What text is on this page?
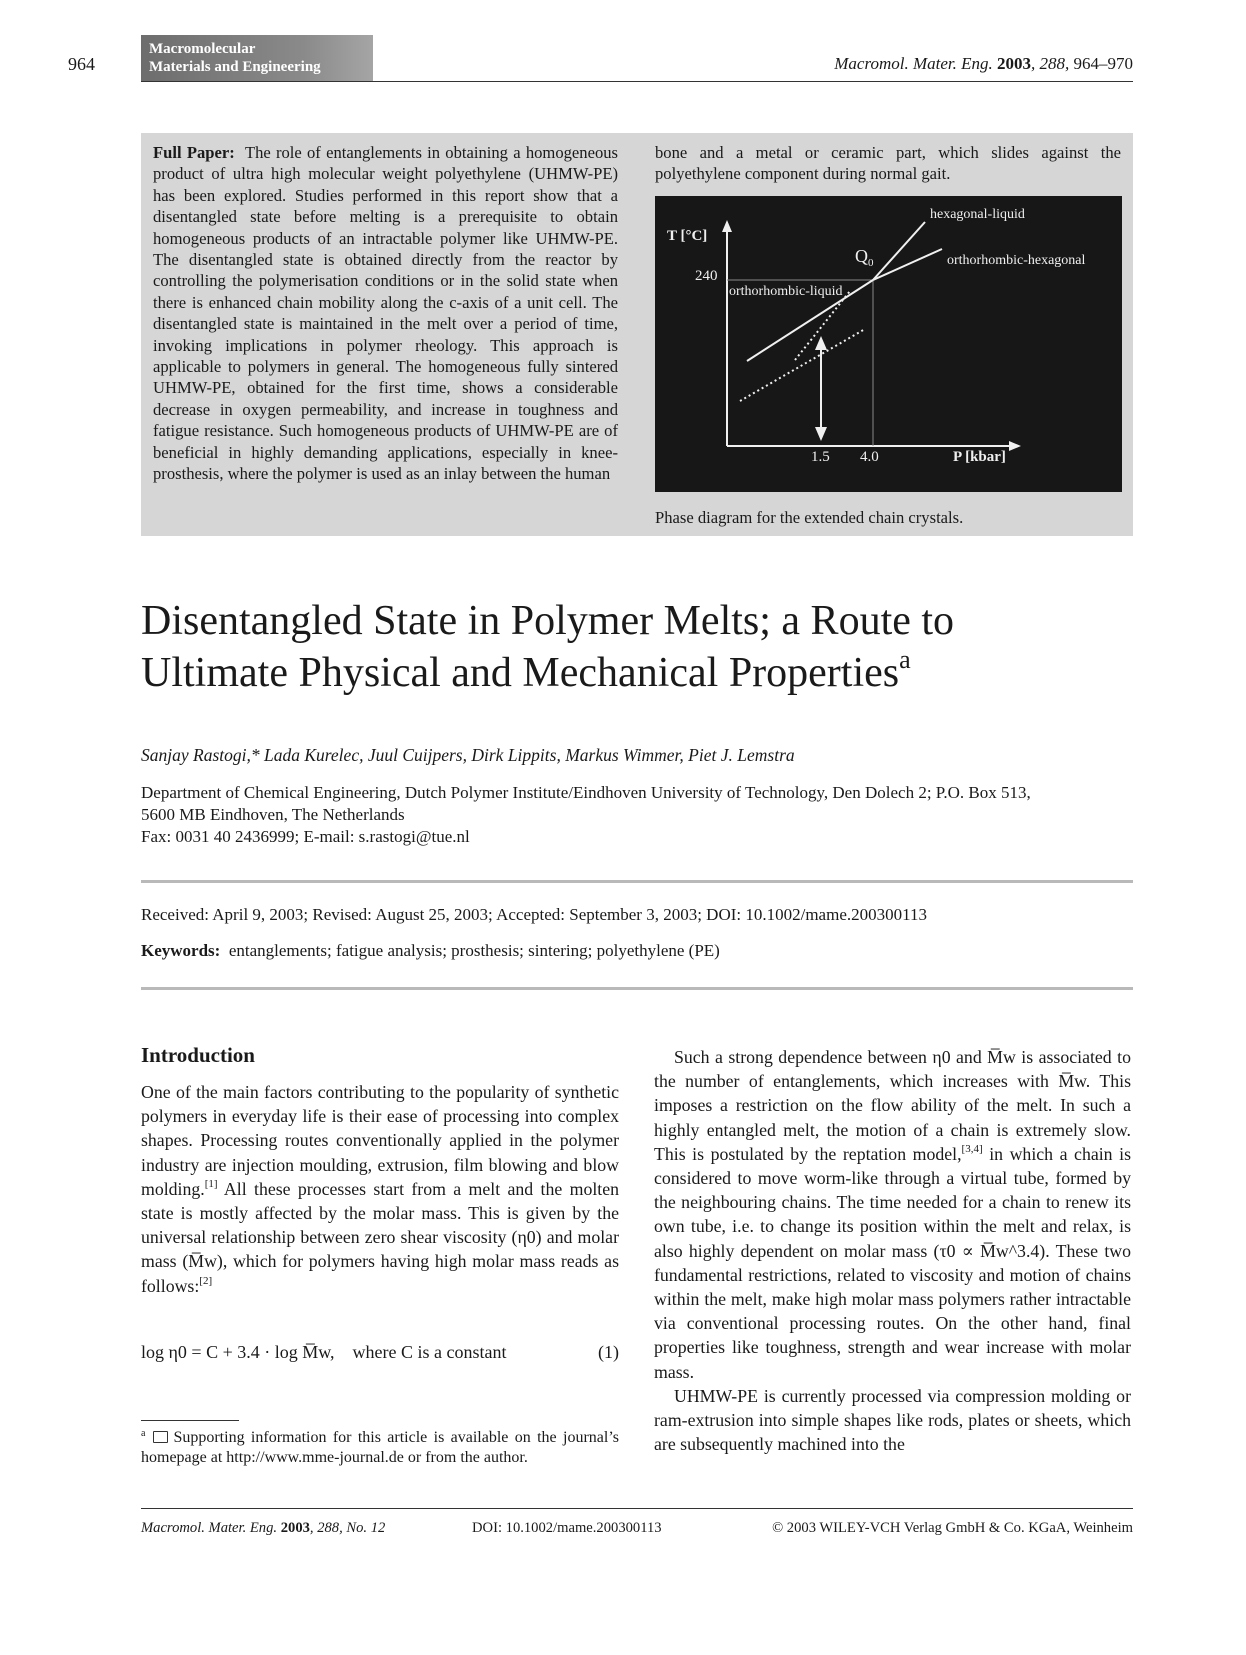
964
Macromolecular
Materials and Engineering	Macromol. Mater. Eng. 2003, 288, 964–970
Full Paper: The role of entanglements in obtaining a homogeneous product of ultra high molecular weight polyethylene (UHMW-PE) has been explored. Studies performed in this report show that a disentangled state before melting is a prerequisite to obtain homogeneous products of an intractable polymer like UHMW-PE. The disentangled state is obtained directly from the reactor by controlling the polymerisation conditions or in the solid state when there is enhanced chain mobility along the c-axis of a unit cell. The disentangled state is maintained in the melt over a period of time, invoking implications in polymer rheology. This approach is applicable to polymers in general. The homogeneous fully sintered UHMW-PE, obtained for the first time, shows a considerable decrease in oxygen permeability, and increase in toughness and fatigue resistance. Such homogeneous products of UHMW-PE are of beneficial in highly demanding applications, especially in knee-prosthesis, where the polymer is used as an inlay between the human
bone and a metal or ceramic part, which slides against the polyethylene component during normal gait.
T [°C]
240
1.5 4.0	P [kbar]
$Q_0$
hexagonal-liquid
orthorhombic-hexagonal
orthorhombic-liquid
Phase diagram for the extended chain crystals.
Disentangled State in Polymer Melts; a Route to
Ultimate Physical and Mechanical Properties$^a$
Sanjay Rastogi,* Lada Kurelec, Juul Cuijpers, Dirk Lippits, Markus Wimmer, Piet J. Lemstra
Department of Chemical Engineering, Dutch Polymer Institute/Eindhoven University of Technology, Den Dolech 2; P.O. Box 513,
5600 MB Eindhoven, The Netherlands
Fax: 0031 40 2436999; E-mail: s.rastogi@tue.nl
Received: April 9, 2003; Revised: August 25, 2003; Accepted: September 3, 2003; DOI: 10.1002/mame.200300113
Keywords: entanglements; fatigue analysis; prosthesis; sintering; polyethylene (PE)
Introduction

One of the main factors contributing to the popularity of synthetic polymers in everyday life is their ease of processing into complex shapes. Processing routes conventionally applied in the polymer industry are injection moulding, extrusion, film blowing and blow molding.[1] All these processes start from a melt and the molten state is mostly affected by the molar mass. This is given by the universal relationship between zero shear viscosity (η0) and molar mass (M̅w), which for polymers having high molar mass reads as follows:[2]

log η0 = C + 3.4 · log M̅w,    where C is a constant	(1)

Such a strong dependence between η0 and M̅w is associated to the number of entanglements, which increases with M̅w. This imposes a restriction on the flow ability of the melt. In such a highly entangled melt, the motion of a chain is extremely slow. This is postulated by the reptation model,[3,4] in which a chain is considered to move worm-like through a virtual tube, formed by the neighbouring chains. The time needed for a chain to renew its own tube, i.e. to change its position within the melt and relax, is also highly dependent on molar mass (τ0 ∝ M̅w^3.4). These two fundamental restrictions, related to viscosity and motion of chains within the melt, make high molar mass polymers rather intractable via conventional processing routes. On the other hand, final properties like toughness, strength and wear increase with molar mass.

UHMW-PE is currently processed via compression molding or ram-extrusion into simple shapes like rods, plates or sheets, which are subsequently machined into the

$^a$ Supporting information for this article is available on the journal’s homepage at http://www.mme-journal.de or from the author.
Macromol. Mater. Eng. 2003, 288, No. 12	DOI: 10.1002/mame.200300113	© 2003 WILEY-VCH Verlag GmbH & Co. KGaA, Weinheim
